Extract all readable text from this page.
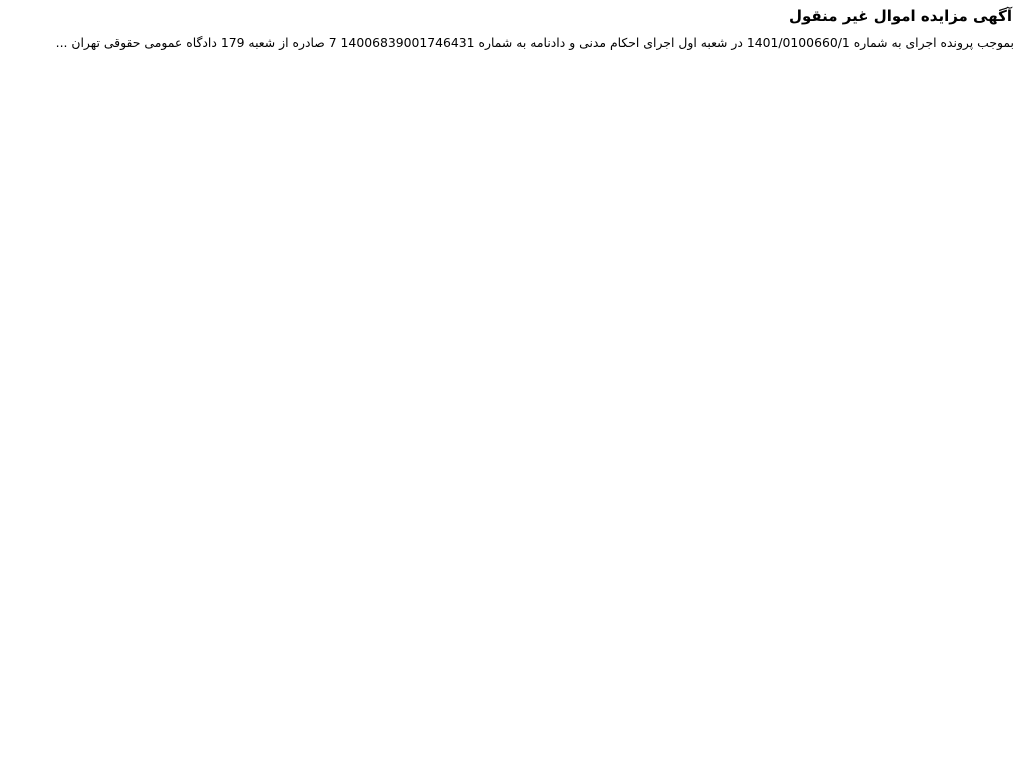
آگهی مزایده اموال غیر منقول

بموجب پرونده اجرای به شماره 1401/0100660/1 در شعبه اول اجرای احکام مدنی و دادنامه به شماره 14006839001746431 7 صادره از شعبه 179 دادگاه عمومی حقوقی تهران ...
